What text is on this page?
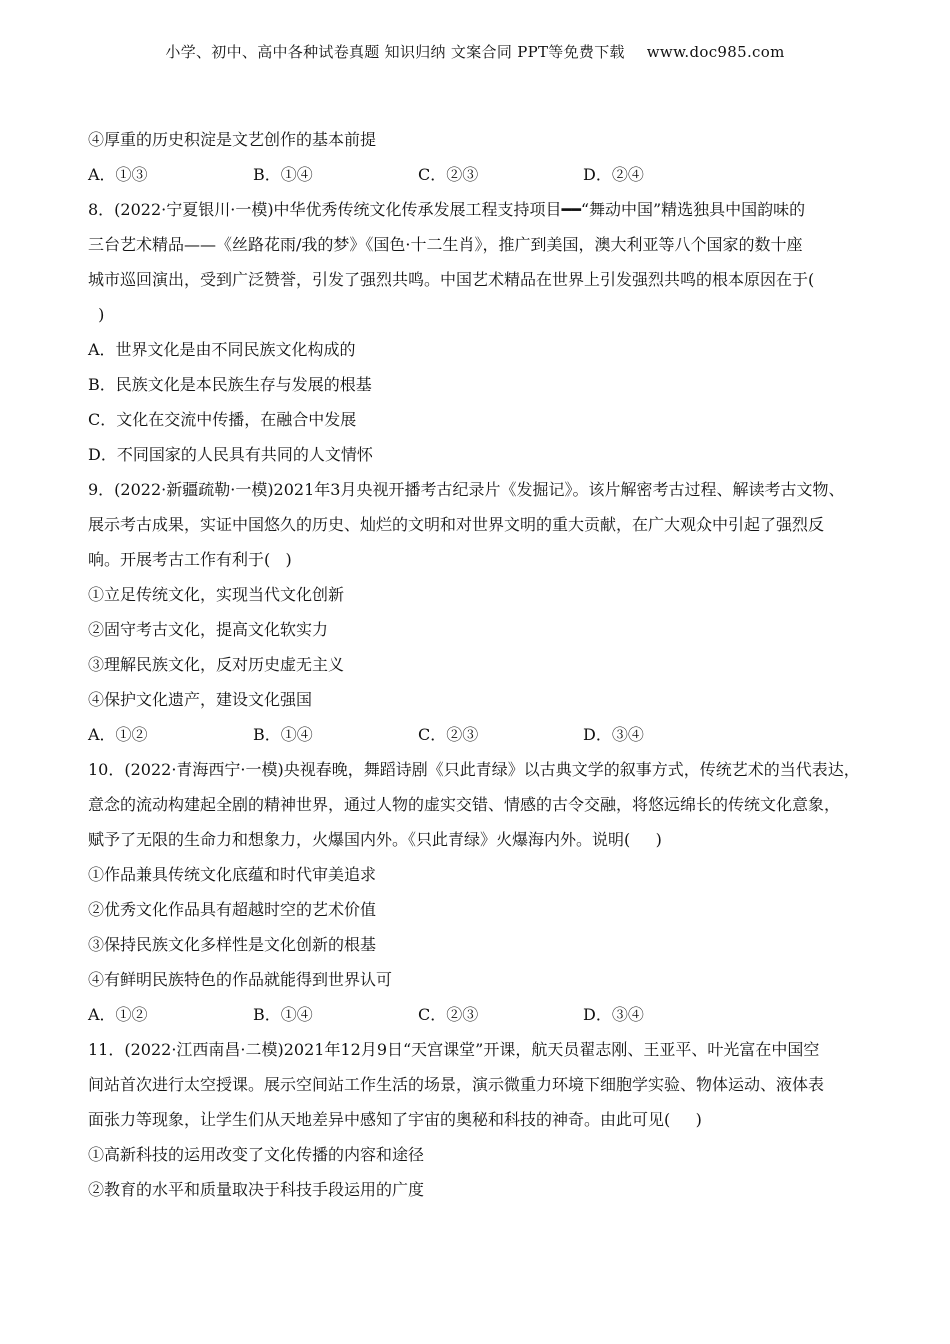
小学、初中、高中各种试卷真题 知识归纳 文案合同 PPT等免费下载 www.doc985.com
④厚重的历史积淀是文艺创作的基本前提
A．①③	B．①④	C．②③	D．②④
8．(2022·宁夏银川·一模)中华优秀传统文化传承发展工程支持项目━━“舞动中国”精选独具中国韵味的
三台艺术精品——《丝路花雨/我的梦》《国色·十二生肖》，推广到美国，澳大利亚等八个国家的数十座
城市巡回演出，受到广泛赞誉，引发了强烈共鸣。中国艺术精品在世界上引发强烈共鸣的根本原因在于(
)
A．世界文化是由不同民族文化构成的
B．民族文化是本民族生存与发展的根基
C．文化在交流中传播，在融合中发展
D．不同国家的人民具有共同的人文情怀
9．(2022·新疆疏勒·一模)2021年3月央视开播考古纪录片《发掘记》。该片解密考古过程、解读考古文物、
展示考古成果，实证中国悠久的历史、灿烂的文明和对世界文明的重大贡献，在广大观众中引起了强烈反
响。开展考古工作有利于(   )
①立足传统文化，实现当代文化创新
②固守考古文化，提高文化软实力
③理解民族文化，反对历史虚无主义
④保护文化遗产，建设文化强国
A．①②	B．①④	C．②③	D．③④
10．(2022·青海西宁·一模)央视春晚，舞蹈诗剧《只此青绿》以古典文学的叙事方式，传统艺术的当代表达，
意念的流动构建起全剧的精神世界，通过人物的虚实交错、情感的古令交融，将悠远绵长的传统文化意象，
赋予了无限的生命力和想象力，火爆国内外。《只此青绿》火爆海内外。说明(     )
①作品兼具传统文化底蕴和时代审美追求
②优秀文化作品具有超越时空的艺术价值
③保持民族文化多样性是文化创新的根基
④有鲜明民族特色的作品就能得到世界认可
A．①②	B．①④	C．②③	D．③④
11．(2022·江西南昌·二模)2021年12月9日“天宫课堂”开课，航天员翟志刚、王亚平、叶光富在中国空
间站首次进行太空授课。展示空间站工作生活的场景，演示微重力环境下细胞学实验、物体运动、液体表
面张力等现象，让学生们从天地差异中感知了宇宙的奥秘和科技的神奇。由此可见(     )
①高新科技的运用改变了文化传播的内容和途径
②教育的水平和质量取决于科技手段运用的广度
